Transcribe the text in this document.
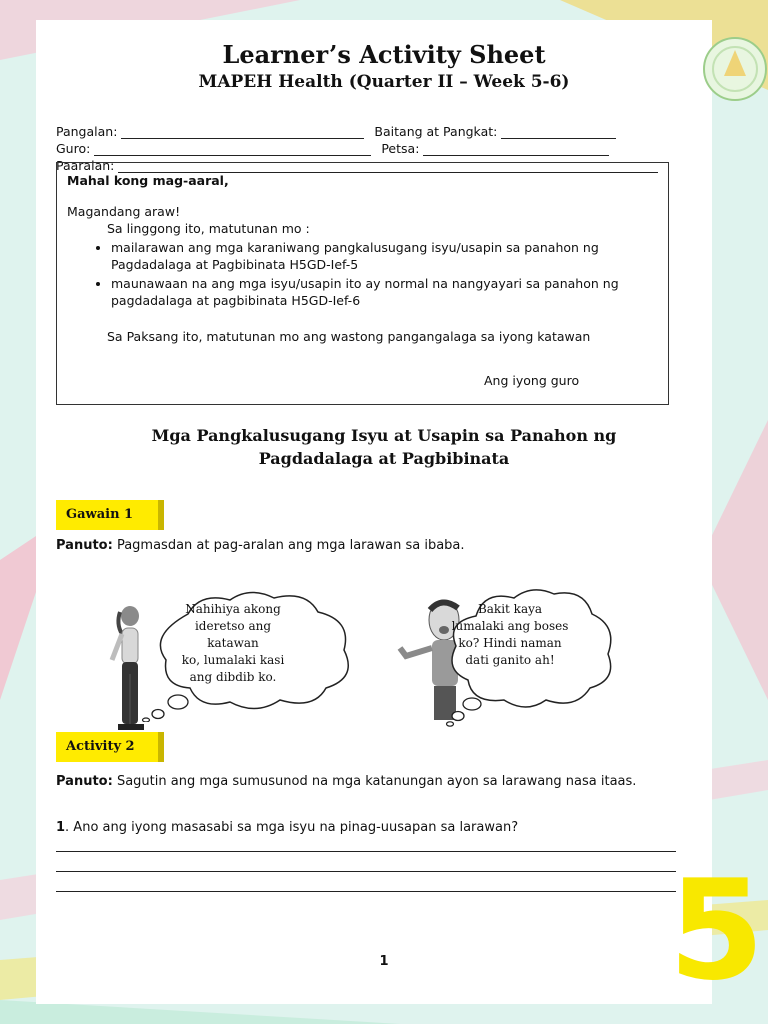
Learner’s Activity Sheet
MAPEH Health (Quarter II – Week 5-6)
Pangalan:	Baitang at Pangkat:
Guro:	Petsa:
Paaralan:
Mahal kong mag-aaral,
Magandang araw!
Sa linggong ito, matutunan mo :
• mailarawan ang mga karaniwang pangkalusugang isyu/usapin sa panahon ng Pagdadalaga at Pagbibinata H5GD-Ief-5
• maunawaan na ang mga isyu/usapin ito ay normal na nangyayari sa panahon ng pagdadalaga at pagbibinata H5GD-Ief-6
Sa Paksang ito, matutunan mo ang wastong pangangalaga sa iyong katawan
Ang iyong guro
Mga Pangkalusugang Isyu at Usapin sa Panahon ng
Pagdadalaga at Pagbibinata
Gawain 1
Panuto: Pagmasdan at pag-aralan ang mga larawan sa ibaba.
Nahihiya akong
ideretso ang katawan
ko, lumalaki kasi
ang dibdib ko.
Bakit kaya
lumalaki ang boses
ko? Hindi naman
dati ganito ah!
Activity 2
Panuto: Sagutin ang mga sumusunod na mga katanungan ayon sa larawang nasa itaas.
1. Ano ang iyong masasabi sa mga isyu na pinag-uusapan sa larawan?
5
1
